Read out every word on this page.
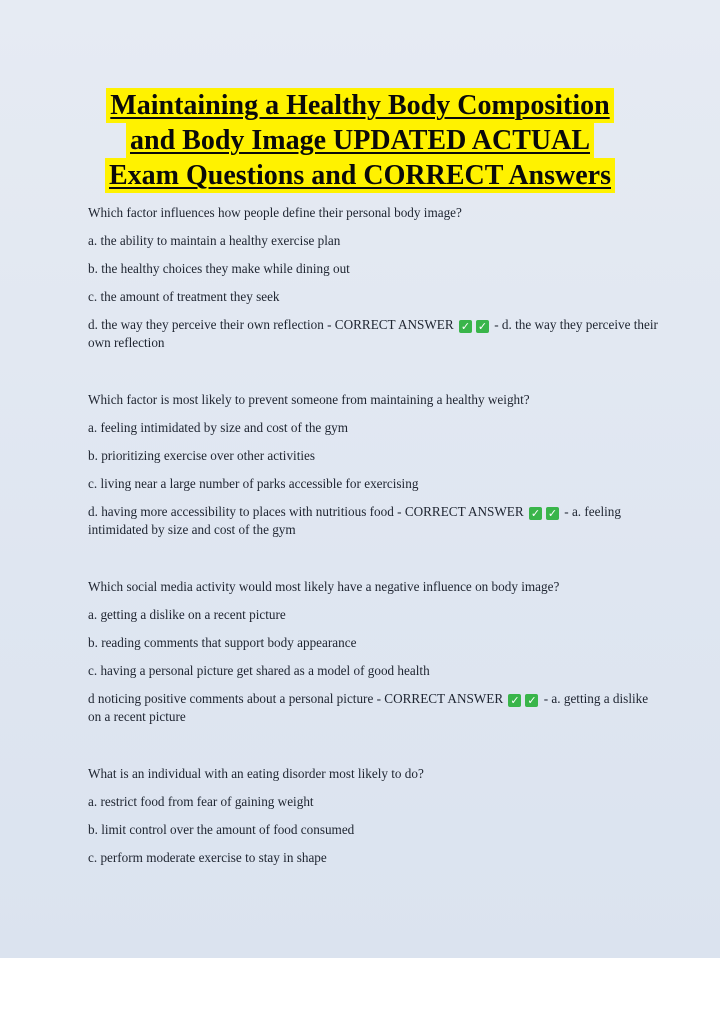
Maintaining a Healthy Body Composition
and Body Image UPDATED ACTUAL
Exam Questions and CORRECT Answers
Which factor influences how people define their personal body image?
a. the ability to maintain a healthy exercise plan
b. the healthy choices they make while dining out
c. the amount of treatment they seek
d. the way they perceive their own reflection - CORRECT ANSWER ✓ ✓ - d. the way they perceive their own reflection
Which factor is most likely to prevent someone from maintaining a healthy weight?
a. feeling intimidated by size and cost of the gym
b. prioritizing exercise over other activities
c. living near a large number of parks accessible for exercising
d. having more accessibility to places with nutritious food - CORRECT ANSWER ✓ ✓ - a. feeling intimidated by size and cost of the gym
Which social media activity would most likely have a negative influence on body image?
a. getting a dislike on a recent picture
b. reading comments that support body appearance
c. having a personal picture get shared as a model of good health
d noticing positive comments about a personal picture - CORRECT ANSWER ✓ ✓ - a. getting a dislike on a recent picture
What is an individual with an eating disorder most likely to do?
a. restrict food from fear of gaining weight
b. limit control over the amount of food consumed
c. perform moderate exercise to stay in shape
